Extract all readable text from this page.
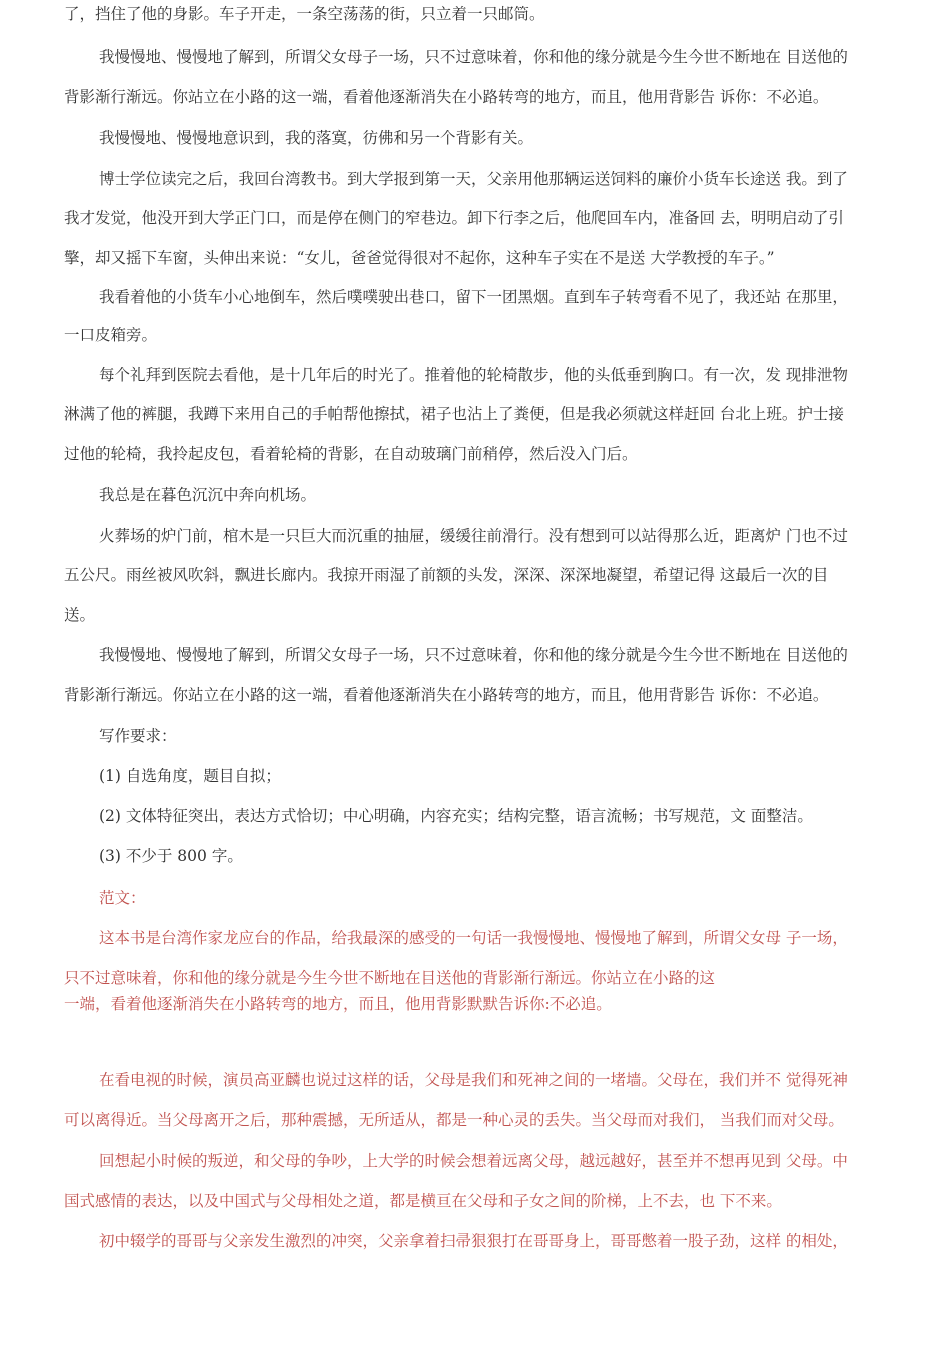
了，挡住了他的身影。车子开走，一条空荡荡的街，只立着一只邮筒。
我慢慢地、慢慢地了解到，所谓父女母子一场，只不过意味着，你和他的缘分就是今生今世不断地在 目送他的
背影渐行渐远。你站立在小路的这一端，看着他逐渐消失在小路转弯的地方，而且，他用背影告 诉你：不必追。
我慢慢地、慢慢地意识到，我的落寞，彷佛和另一个背影有关。
博士学位读完之后，我回台湾教书。到大学报到第一天，父亲用他那辆运送饲料的廉价小货车长途送 我。到了
我才发觉，他没开到大学正门口，而是停在侧门的窄巷边。卸下行李之后，他爬回车内，准备回 去，明明启动了引
擎，却又摇下车窗，头伸出来说：“女儿，爸爸觉得很对不起你，这种车子实在不是送 大学教授的车子。”
我看着他的小货车小心地倒车，然后噗噗驶出巷口，留下一团黑烟。直到车子转弯看不见了，我还站 在那里，
一口皮箱旁。
每个礼拜到医院去看他，是十几年后的时光了。推着他的轮椅散步，他的头低垂到胸口。有一次，发 现排泄物
淋满了他的裤腿，我蹲下来用自己的手帕帮他擦拭，裙子也沾上了粪便，但是我必须就这样赶回 台北上班。护士接
过他的轮椅，我拎起皮包，看着轮椅的背影，在自动玻璃门前稍停，然后没入门后。
我总是在暮色沉沉中奔向机场。
火葬场的炉门前，棺木是一只巨大而沉重的抽屉，缓缓往前滑行。没有想到可以站得那么近，距离炉 门也不过
五公尺。雨丝被风吹斜，飘进长廊内。我掠开雨湿了前额的头发，深深、深深地凝望，希望记得 这最后一次的目
送。
我慢慢地、慢慢地了解到，所谓父女母子一场，只不过意味着，你和他的缘分就是今生今世不断地在 目送他的
背影渐行渐远。你站立在小路的这一端，看着他逐渐消失在小路转弯的地方，而且，他用背影告 诉你：不必追。
写作要求：
(1) 自选角度，题目自拟；
(2) 文体特征突出，表达方式恰切；中心明确，内容充实；结构完整，语言流畅；书写规范，文 面整洁。
(3) 不少于 800 字。
范文：
这本书是台湾作家龙应台的作品，给我最深的感受的一句话一我慢慢地、慢慢地了解到，所谓父女母 子一场，
只不过意味着，你和他的缘分就是今生今世不断地在目送他的背影渐行渐远。你站立在小路的这
一端，看着他逐渐消失在小路转弯的地方，而且，他用背影默默告诉你:不必追。
在看电视的时候，演员高亚麟也说过这样的话，父母是我们和死神之间的一堵墙。父母在，我们并不 觉得死神
可以离得近。当父母离开之后，那种震撼，无所适从，都是一种心灵的丢失。当父母而对我们， 当我们而对父母。
回想起小时候的叛逆，和父母的争吵，上大学的时候会想着远离父母，越远越好，甚至并不想再见到 父母。中
国式感情的表达，以及中国式与父母相处之道，都是横亘在父母和子女之间的阶梯，上不去，也 下不来。
初中辍学的哥哥与父亲发生激烈的冲突，父亲拿着扫帚狠狠打在哥哥身上，哥哥憋着一股子劲，这样 的相处，
